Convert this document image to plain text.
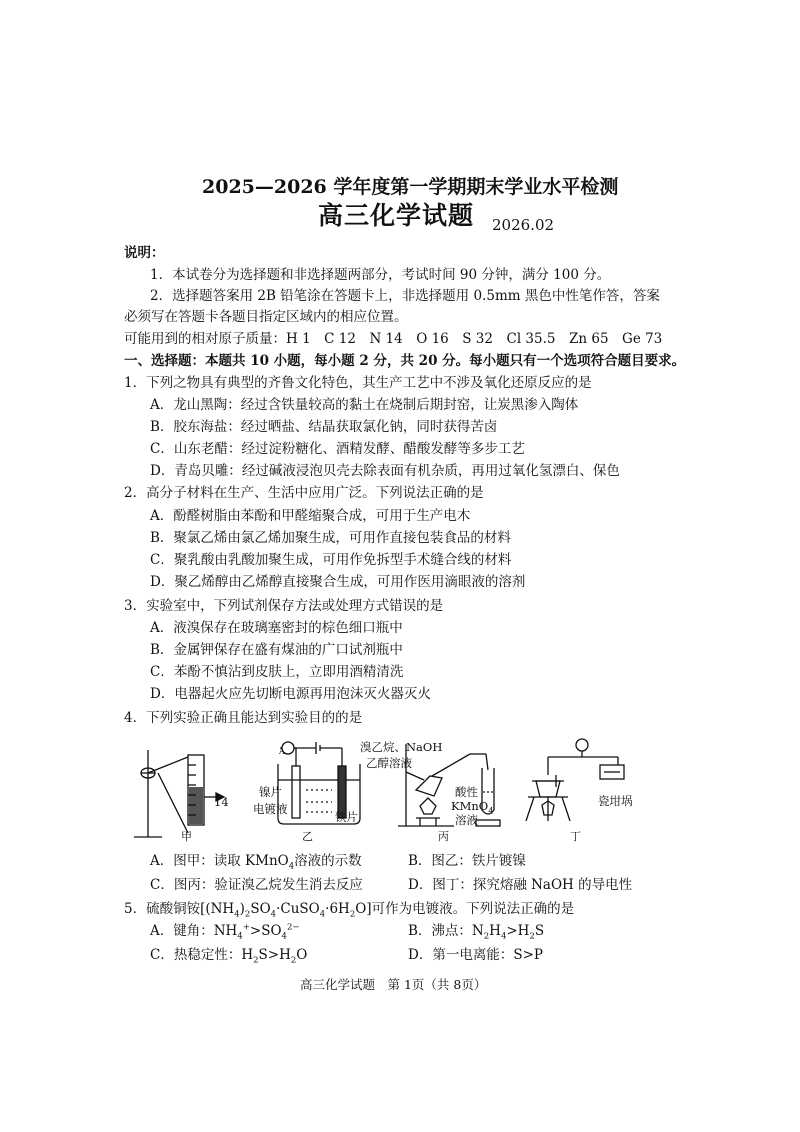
2025—2026 学年度第一学期期末学业水平检测
高三化学试题 2026.02
说明：
1．本试卷分为选择题和非选择题两部分，考试时间 90 分钟，满分 100 分。
2．选择题答案用 2B 铅笔涂在答题卡上，非选择题用 0.5mm 黑色中性笔作答，答案
必须写在答题卡各题目指定区域内的相应位置。
可能用到的相对原子质量：H 1　C 12　N 14　O 16　S 32　Cl 35.5　Zn 65　Ge 73
一、选择题：本题共 10 小题，每小题 2 分，共 20 分。每小题只有一个选项符合题目要求。
1．下列之物具有典型的齐鲁文化特色，其生产工艺中不涉及氧化还原反应的是
A．龙山黑陶：经过含铁量较高的黏土在烧制后期封窑，让炭黑渗入陶体
B．胶东海盐：经过晒盐、结晶获取氯化钠，同时获得苦卤
C．山东老醋：经过淀粉糖化、酒精发酵、醋酸发酵等多步工艺
D．青岛贝雕：经过碱液浸泡贝壳去除表面有机杂质，再用过氧化氢漂白、保色
2．高分子材料在生产、生活中应用广泛。下列说法正确的是
A．酚醛树脂由苯酚和甲醛缩聚合成，可用于生产电木
B．聚氯乙烯由氯乙烯加聚生成，可用作直接包装食品的材料
C．聚乳酸由乳酸加聚生成，可用作免拆型手术缝合线的材料
D．聚乙烯醇由乙烯醇直接聚合生成，可用作医用滴眼液的溶剂
3．实验室中，下列试剂保存方法或处理方式错误的是
A．液溴保存在玻璃塞密封的棕色细口瓶中
B．金属钾保存在盛有煤油的广口试剂瓶中
C．苯酚不慎沾到皮肤上，立即用酒精清洗
D．电器起火应先切断电源再用泡沫灭火器灭火
4．下列实验正确且能达到实验目的的是
14
甲
A
镍片
电镀液
铁片
乙
溴乙烷、NaOH
乙醇溶液
酸性
KMnO$_4$
溶液
丙
瓷坩埚
丁
A．图甲：读取 KMnO$_4$溶液的示数	B．图乙：铁片镀镍
C．图丙：验证溴乙烷发生消去反应	D．图丁：探究熔融 NaOH 的导电性
5．硫酸铜铵$[(NH_4)_2SO_4\cdot CuSO_4\cdot 6H_2O]$可作为电镀液。下列说法正确的是
A．键角：$NH_4^+>SO_4^{2-}$	B．沸点：$N_2H_4>H_2S$
C．热稳定性：$H_2S>H_2O$	D．第一电离能：S>P
高三化学试题　第 1页（共 8页）
